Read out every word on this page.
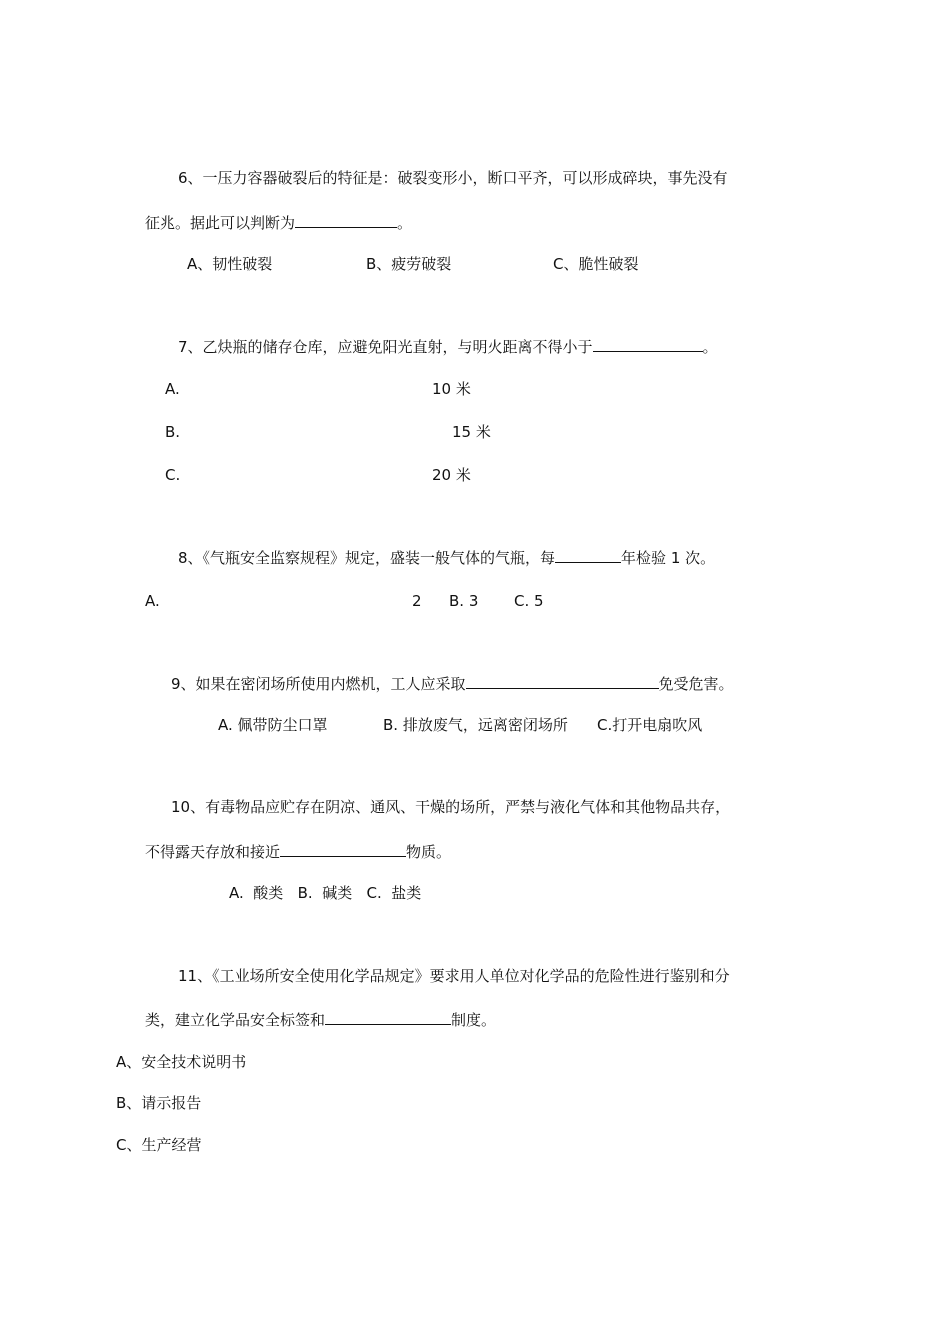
6、一压力容器破裂后的特征是：破裂变形小，断口平齐，可以形成碎块，事先没有
征兆。据此可以判断为	。
A、韧性破裂	B、疲劳破裂	C、脆性破裂
7、乙炔瓶的储存仓库，应避免阳光直射，与明火距离不得小于	。
A.	10 米
B.	15 米
C.	20 米
8、《气瓶安全监察规程》规定，盛装一般气体的气瓶，每	年检验 1 次。
A.	2 B. 3 C. 5
9、如果在密闭场所使用内燃机，工人应采取	免受危害。
A. 佩带防尘口罩	B. 排放废气，远离密闭场所 C.打开电扇吹风
10、有毒物品应贮存在阴凉、通风、干燥的场所，严禁与液化气体和其他物品共存，
不得露天存放和接近	物质。
A.  酸类   B.  碱类   C.  盐类
11、《工业场所安全使用化学品规定》要求用人单位对化学品的危险性进行鉴别和分
类，建立化学品安全标签和	制度。
A、安全技术说明书
B、请示报告
C、生产经营
